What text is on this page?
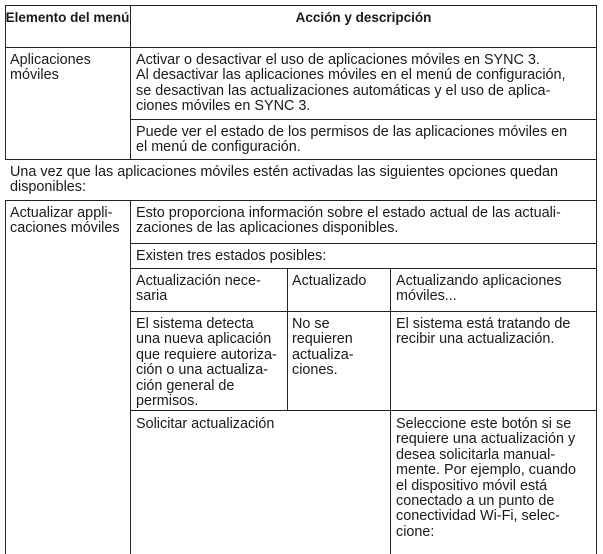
Elemento del menú	Acción y descripción
Aplicaciones
móviles
Activar o desactivar el uso de aplicaciones móviles en SYNC 3.
Al desactivar las aplicaciones móviles en el menú de configuración,
se desactivan las actualizaciones automáticas y el uso de aplica-
ciones móviles en SYNC 3.
Puede ver el estado de los permisos de las aplicaciones móviles en
el menú de configuración.
Una vez que las aplicaciones móviles estén activadas las siguientes opciones quedan
disponibles:
Actualizar appli-
caciones móviles
Esto proporciona información sobre el estado actual de las actuali-
zaciones de las aplicaciones disponibles.
Existen tres estados posibles:
Actualización nece-
saria
Actualizado Actualizando aplicaciones
móviles...
El sistema detecta
una nueva aplicación
que requiere autoriza-
ción o una actualiza-
ción general de
permisos.
No se
requieren
actualiza-
ciones.
El sistema está tratando de
recibir una actualización.
Solicitar actualización	Seleccione este botón si se
requiere una actualización y
desea solicitarla manual-
mente. Por ejemplo, cuando
el dispositivo móvil está
conectado a un punto de
conectividad Wi-Fi, selec-
cione:
